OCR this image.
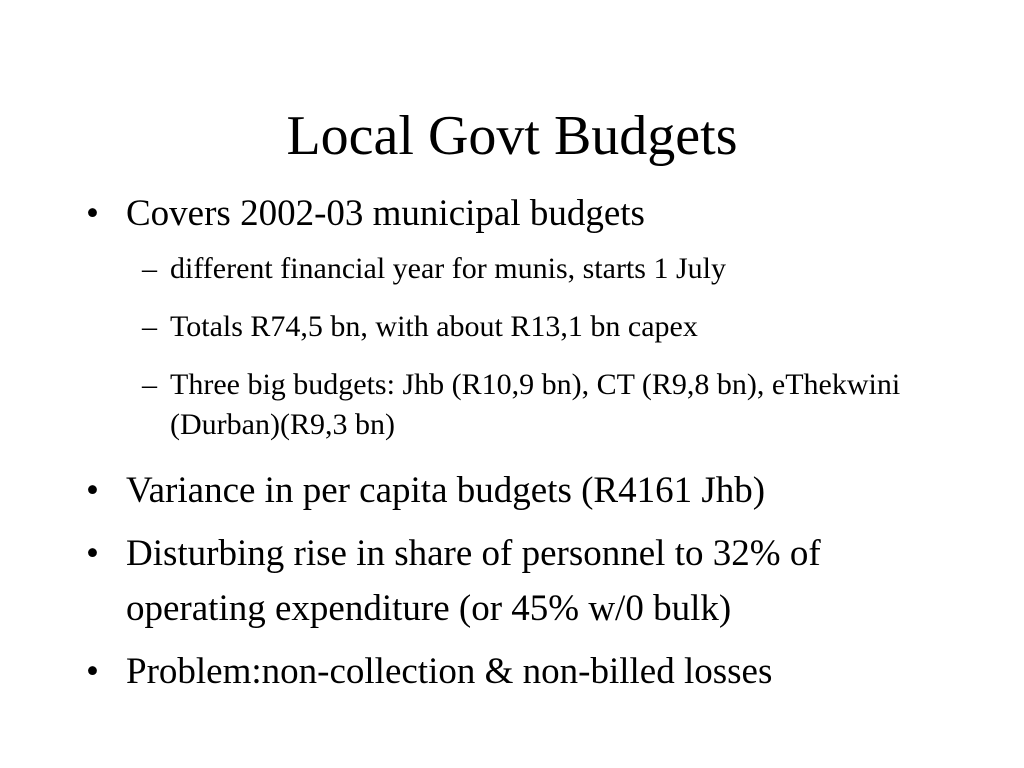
Local Govt Budgets
• Covers 2002-03 municipal budgets
– different financial year for munis, starts 1 July
– Totals R74,5 bn, with about R13,1 bn capex
– Three big budgets: Jhb (R10,9 bn), CT (R9,8 bn), eThekwini (Durban)(R9,3 bn)
• Variance in per capita budgets (R4161 Jhb)
• Disturbing rise in share of personnel to 32% of operating expenditure (or 45% w/0 bulk)
• Problem:non-collection & non-billed losses
